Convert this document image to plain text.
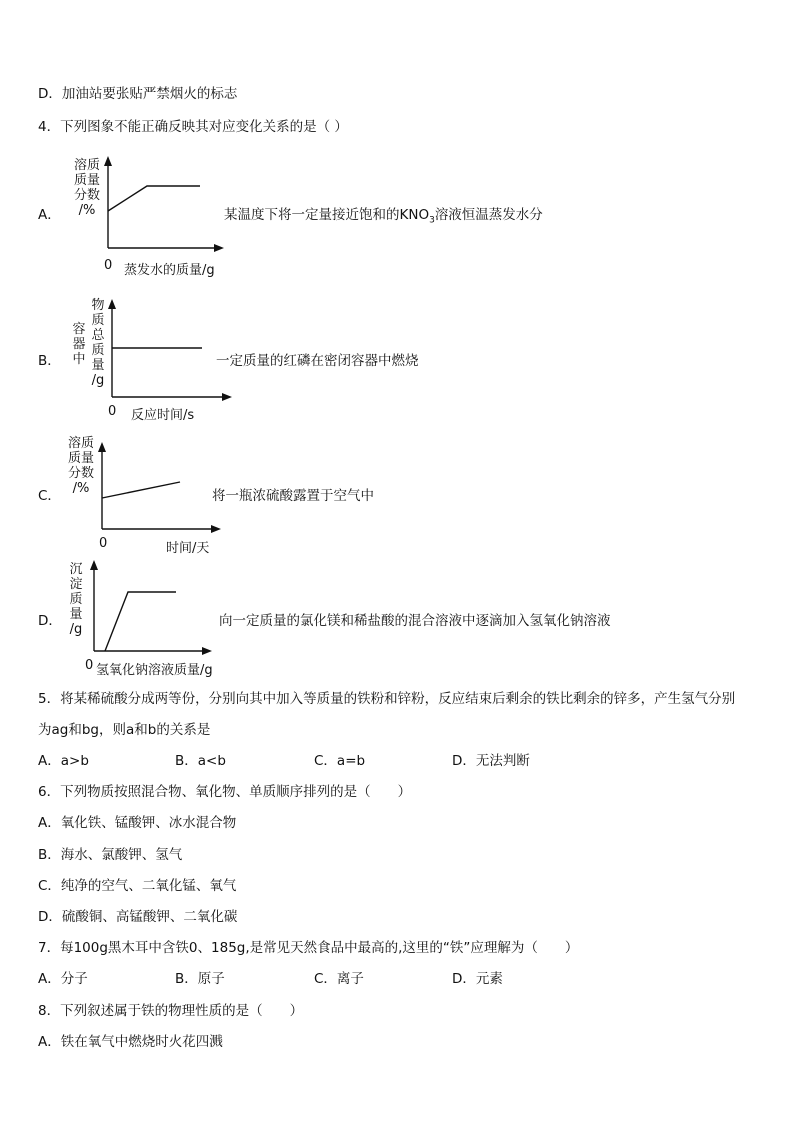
D．加油站要张贴严禁烟火的标志
4．下列图象不能正确反映其对应变化关系的是（ ）
A．
溶质
质量
分数
/%
0 蒸发水的质量/g
某温度下将一定量接近饱和的$KNO_3$溶液恒温蒸发水分
B．
物
质
总
质
量
/g
容
器
中
0 反应时间/s
一定质量的红磷在密闭容器中燃烧
C．
溶质
质量
分数
/%
0	时间/天
将一瓶浓硫酸露置于空气中
D．
沉
淀
质
量
/g
0 氢氧化钠溶液质量/g
向一定质量的氯化镁和稀盐酸的混合溶液中逐滴加入氢氧化钠溶液
5．将某稀硫酸分成两等份，分别向其中加入等质量的铁粉和锌粉，反应结束后剩余的铁比剩余的锌多，产生氢气分别
为ag和bg，则a和b的关系是
A．a>b	B．a<b	C．a=b	D．无法判断
6．下列物质按照混合物、氧化物、单质顺序排列的是（　　）
A．氧化铁、锰酸钾、冰水混合物
B．海水、氯酸钾、氢气
C．纯净的空气、二氧化锰、氧气
D．硫酸铜、高锰酸钾、二氧化碳
7．每100g黑木耳中含铁0、185g,是常见天然食品中最高的,这里的“铁”应理解为（　　）
A．分子	B．原子	C．离子	D．元素
8．下列叙述属于铁的物理性质的是（　　）
A．铁在氧气中燃烧时火花四溅
